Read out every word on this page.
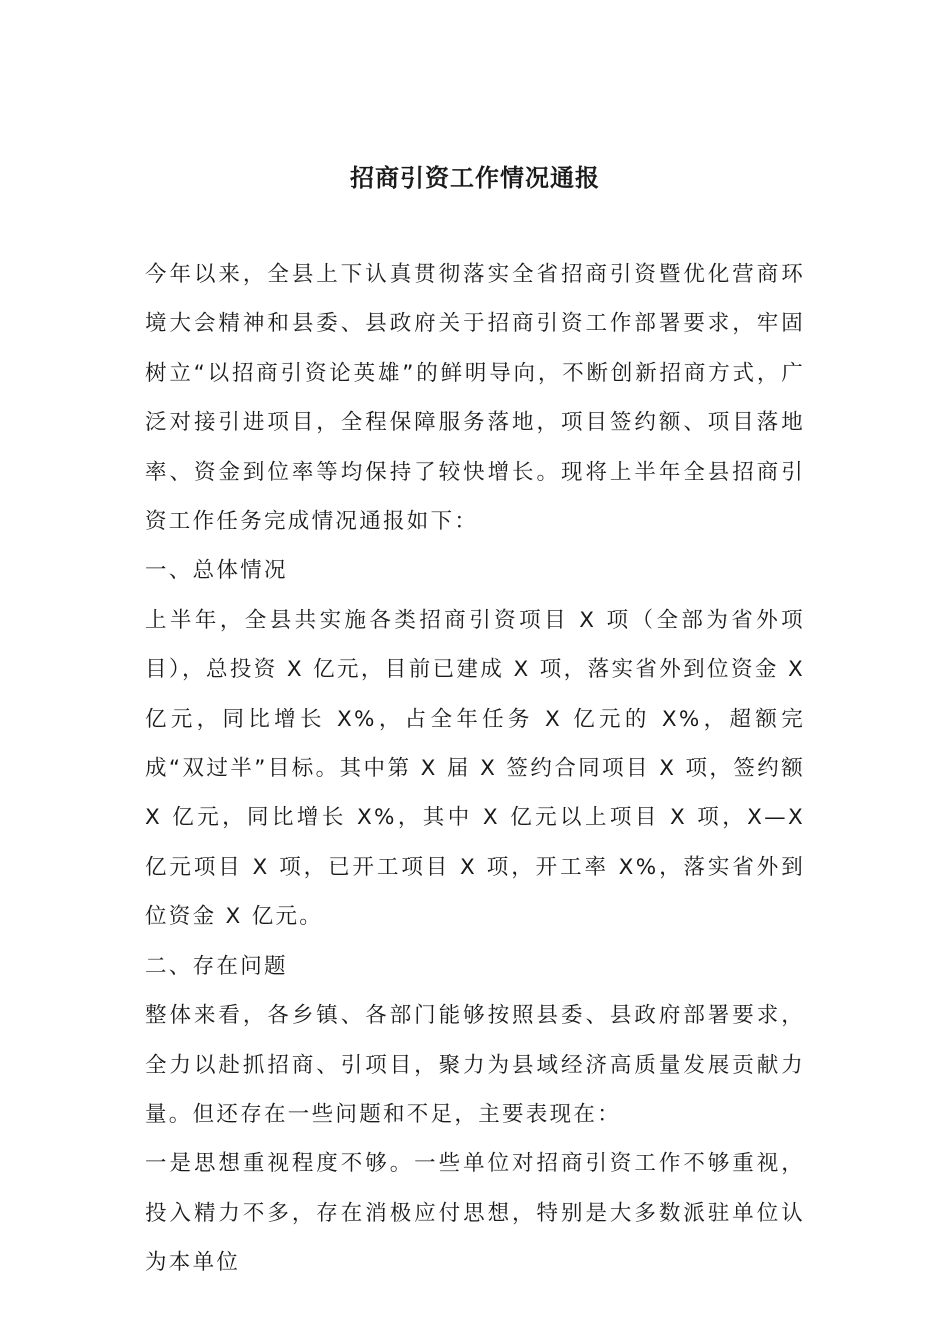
招商引资工作情况通报

今年以来，全县上下认真贯彻落实全省招商引资暨优化营商环境大会精神和县委、县政府关于招商引资工作部署要求，牢固树立“以招商引资论英雄”的鲜明导向，不断创新招商方式，广泛对接引进项目，全程保障服务落地，项目签约额、项目落地率、资金到位率等均保持了较快增长。现将上半年全县招商引资工作任务完成情况通报如下：

一、总体情况

上半年，全县共实施各类招商引资项目 X 项（全部为省外项目），总投资 X 亿元，目前已建成 X 项，落实省外到位资金 X 亿元，同比增长 X%，占全年任务 X 亿元的 X%，超额完成“双过半”目标。其中第 X 届 X 签约合同项目 X 项，签约额 X 亿元，同比增长 X%，其中 X 亿元以上项目 X 项，X—X 亿元项目 X 项，已开工项目 X 项，开工率 X%，落实省外到位资金 X 亿元。

二、存在问题

整体来看，各乡镇、各部门能够按照县委、县政府部署要求，全力以赴抓招商、引项目，聚力为县域经济高质量发展贡献力量。但还存在一些问题和不足，主要表现在：

一是思想重视程度不够。一些单位对招商引资工作不够重视，投入精力不多，存在消极应付思想，特别是大多数派驻单位认为本单位
